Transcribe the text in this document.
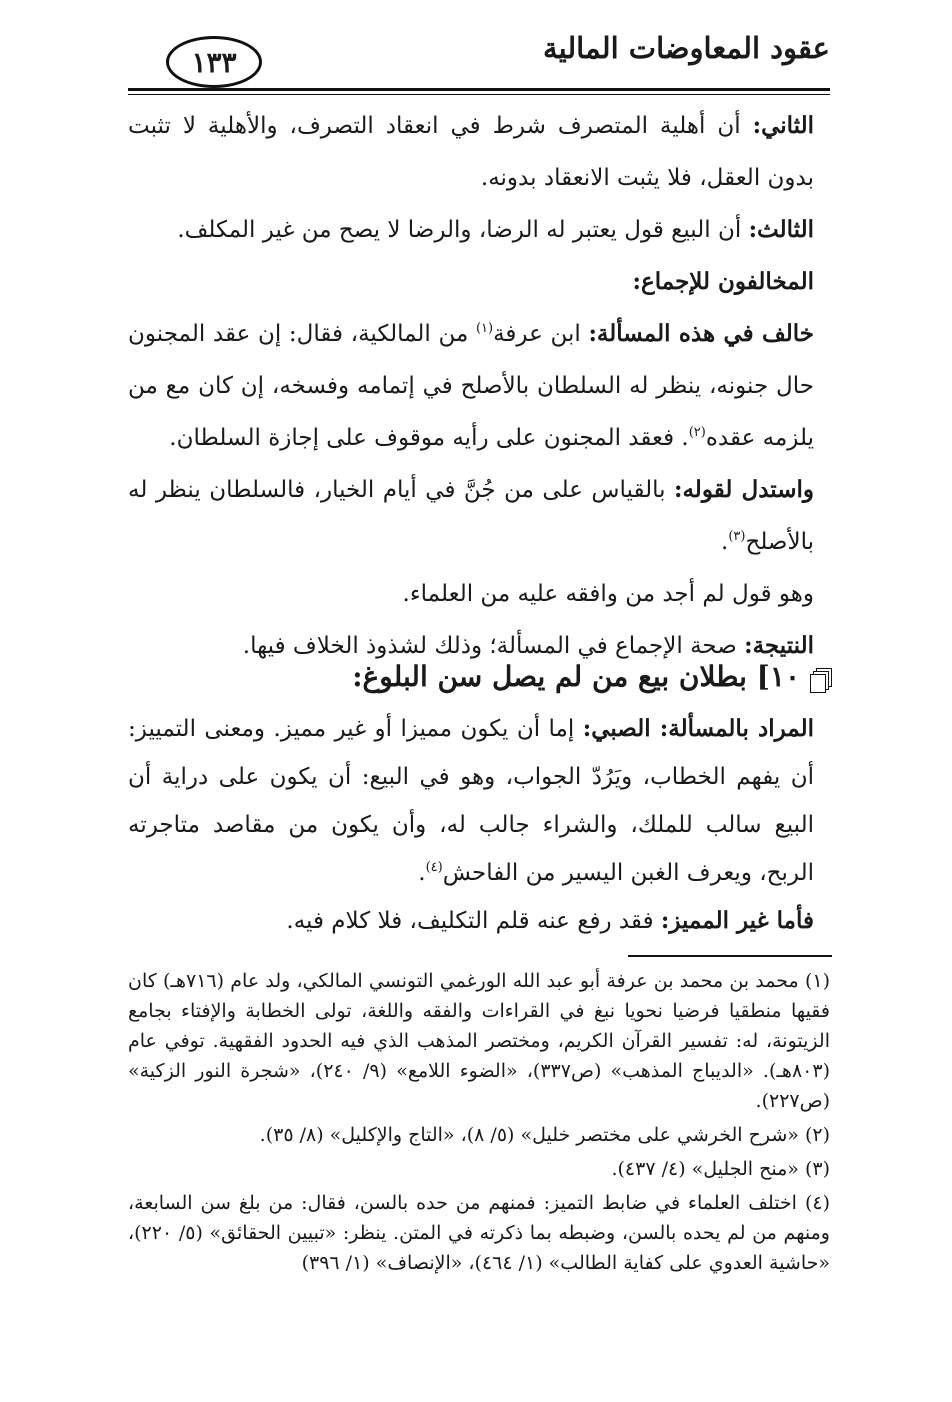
عقود المعاوضات المالية
١٣٣

الثاني: أن أهلية المتصرف شرط في انعقاد التصرف، والأهلية لا تثبت بدون العقل، فلا يثبت الانعقاد بدونه.

الثالث: أن البيع قول يعتبر له الرضا، والرضا لا يصح من غير المكلف.

المخالفون للإجماع:

خالف في هذه المسألة: ابن عرفة$^{(١)}$ من المالكية، فقال: إن عقد المجنون حال جنونه، ينظر له السلطان بالأصلح في إتمامه وفسخه، إن كان مع من يلزمه عقده$^{(٢)}$. فعقد المجنون على رأيه موقوف على إجازة السلطان.

واستدل لقوله: بالقياس على من جُنَّ في أيام الخيار، فالسلطان ينظر له بالأصلح$^{(٣)}$.

وهو قول لم أجد من وافقه عليه من العلماء.

النتيجة: صحة الإجماع في المسألة؛ وذلك لشذوذ الخلاف فيها.

١٠] بطلان بيع من لم يصل سن البلوغ:

المراد بالمسألة: الصبي: إما أن يكون مميزا أو غير مميز. ومعنى التمييز: أن يفهم الخطاب، ويَرُدّ الجواب، وهو في البيع: أن يكون على دراية أن البيع سالب للملك، والشراء جالب له، وأن يكون من مقاصد متاجرته الربح، ويعرف الغبن اليسير من الفاحش$^{(٤)}$.

فأما غير المميز: فقد رفع عنه قلم التكليف، فلا كلام فيه.

(١) محمد بن محمد بن عرفة أبو عبد الله الورغمي التونسي المالكي، ولد عام (٧١٦هـ) كان فقيها منطقيا فرضيا نحويا نبغ في القراءات والفقه واللغة، تولى الخطابة والإفتاء بجامع الزيتونة، له: تفسير القرآن الكريم، ومختصر المذهب الذي فيه الحدود الفقهية. توفي عام (٨٠٣هـ). «الديباج المذهب» (ص٣٣٧)، «الضوء اللامع» (٩/ ٢٤٠)، «شجرة النور الزكية» (ص٢٢٧).

(٢) «شرح الخرشي على مختصر خليل» (٥/ ٨)، «التاج والإكليل» (٨/ ٣٥).

(٣) «منح الجليل» (٤/ ٤٣٧).

(٤) اختلف العلماء في ضابط التميز: فمنهم من حده بالسن، فقال: من بلغ سن السابعة، ومنهم من لم يحده بالسن، وضبطه بما ذكرته في المتن. ينظر: «تبيين الحقائق» (٥/ ٢٢٠)، «حاشية العدوي على كفاية الطالب» (١/ ٤٦٤)، «الإنصاف» (١/ ٣٩٦)
